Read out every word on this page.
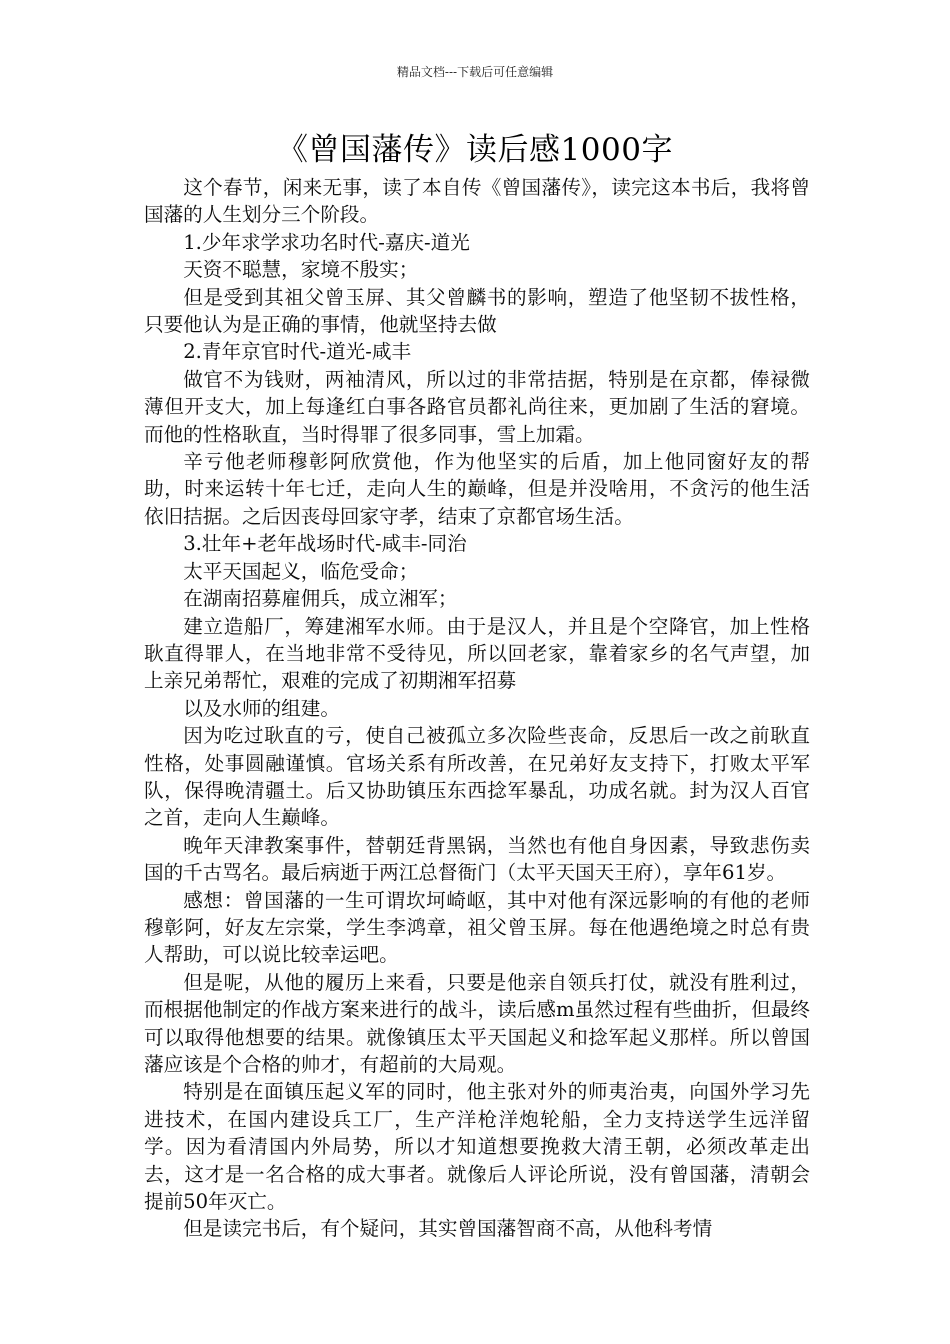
精品文档---下载后可任意编辑
《曾国藩传》读后感1000字

这个春节，闲来无事，读了本自传《曾国藩传》，读完这本书后，我将曾国藩的人生划分三个阶段。

1.少年求学求功名时代-嘉庆-道光

天资不聪慧，家境不殷实；

但是受到其祖父曾玉屏、其父曾麟书的影响，塑造了他坚韧不拔性格，只要他认为是正确的事情，他就坚持去做

2.青年京官时代-道光-咸丰

做官不为钱财，两袖清风，所以过的非常拮据，特别是在京都，俸禄微薄但开支大，加上每逢红白事各路官员都礼尚往来，更加剧了生活的窘境。而他的性格耿直，当时得罪了很多同事，雪上加霜。

辛亏他老师穆彰阿欣赏他，作为他坚实的后盾，加上他同窗好友的帮助，时来运转十年七迁，走向人生的巅峰，但是并没啥用，不贪污的他生活依旧拮据。之后因丧母回家守孝，结束了京都官场生活。

3.壮年+老年战场时代-咸丰-同治

太平天国起义，临危受命；

在湖南招募雇佣兵，成立湘军；

建立造船厂，筹建湘军水师。由于是汉人，并且是个空降官，加上性格耿直得罪人，在当地非常不受待见，所以回老家，靠着家乡的名气声望，加上亲兄弟帮忙，艰难的完成了初期湘军招募

以及水师的组建。

因为吃过耿直的亏，使自己被孤立多次险些丧命，反思后一改之前耿直性格，处事圆融谨慎。官场关系有所改善，在兄弟好友支持下，打败太平军队，保得晚清疆土。后又协助镇压东西捻军暴乱，功成名就。封为汉人百官之首，走向人生巅峰。

晚年天津教案事件，替朝廷背黑锅，当然也有他自身因素，导致悲伤卖国的千古骂名。最后病逝于两江总督衙门（太平天国天王府），享年61岁。

感想：曾国藩的一生可谓坎坷崎岖，其中对他有深远影响的有他的老师穆彰阿，好友左宗棠，学生李鸿章，祖父曾玉屏。每在他遇绝境之时总有贵人帮助，可以说比较幸运吧。

但是呢，从他的履历上来看，只要是他亲自领兵打仗，就没有胜利过，而根据他制定的作战方案来进行的战斗，读后感m虽然过程有些曲折，但最终可以取得他想要的结果。就像镇压太平天国起义和捻军起义那样。所以曾国藩应该是个合格的帅才，有超前的大局观。

特别是在面镇压起义军的同时，他主张对外的师夷治夷，向国外学习先进技术，在国内建设兵工厂，生产洋枪洋炮轮船，全力支持送学生远洋留学。因为看清国内外局势，所以才知道想要挽救大清王朝，必须改革走出去，这才是一名合格的成大事者。就像后人评论所说，没有曾国藩，清朝会提前50年灭亡。

但是读完书后，有个疑问，其实曾国藩智商不高，从他科考情
